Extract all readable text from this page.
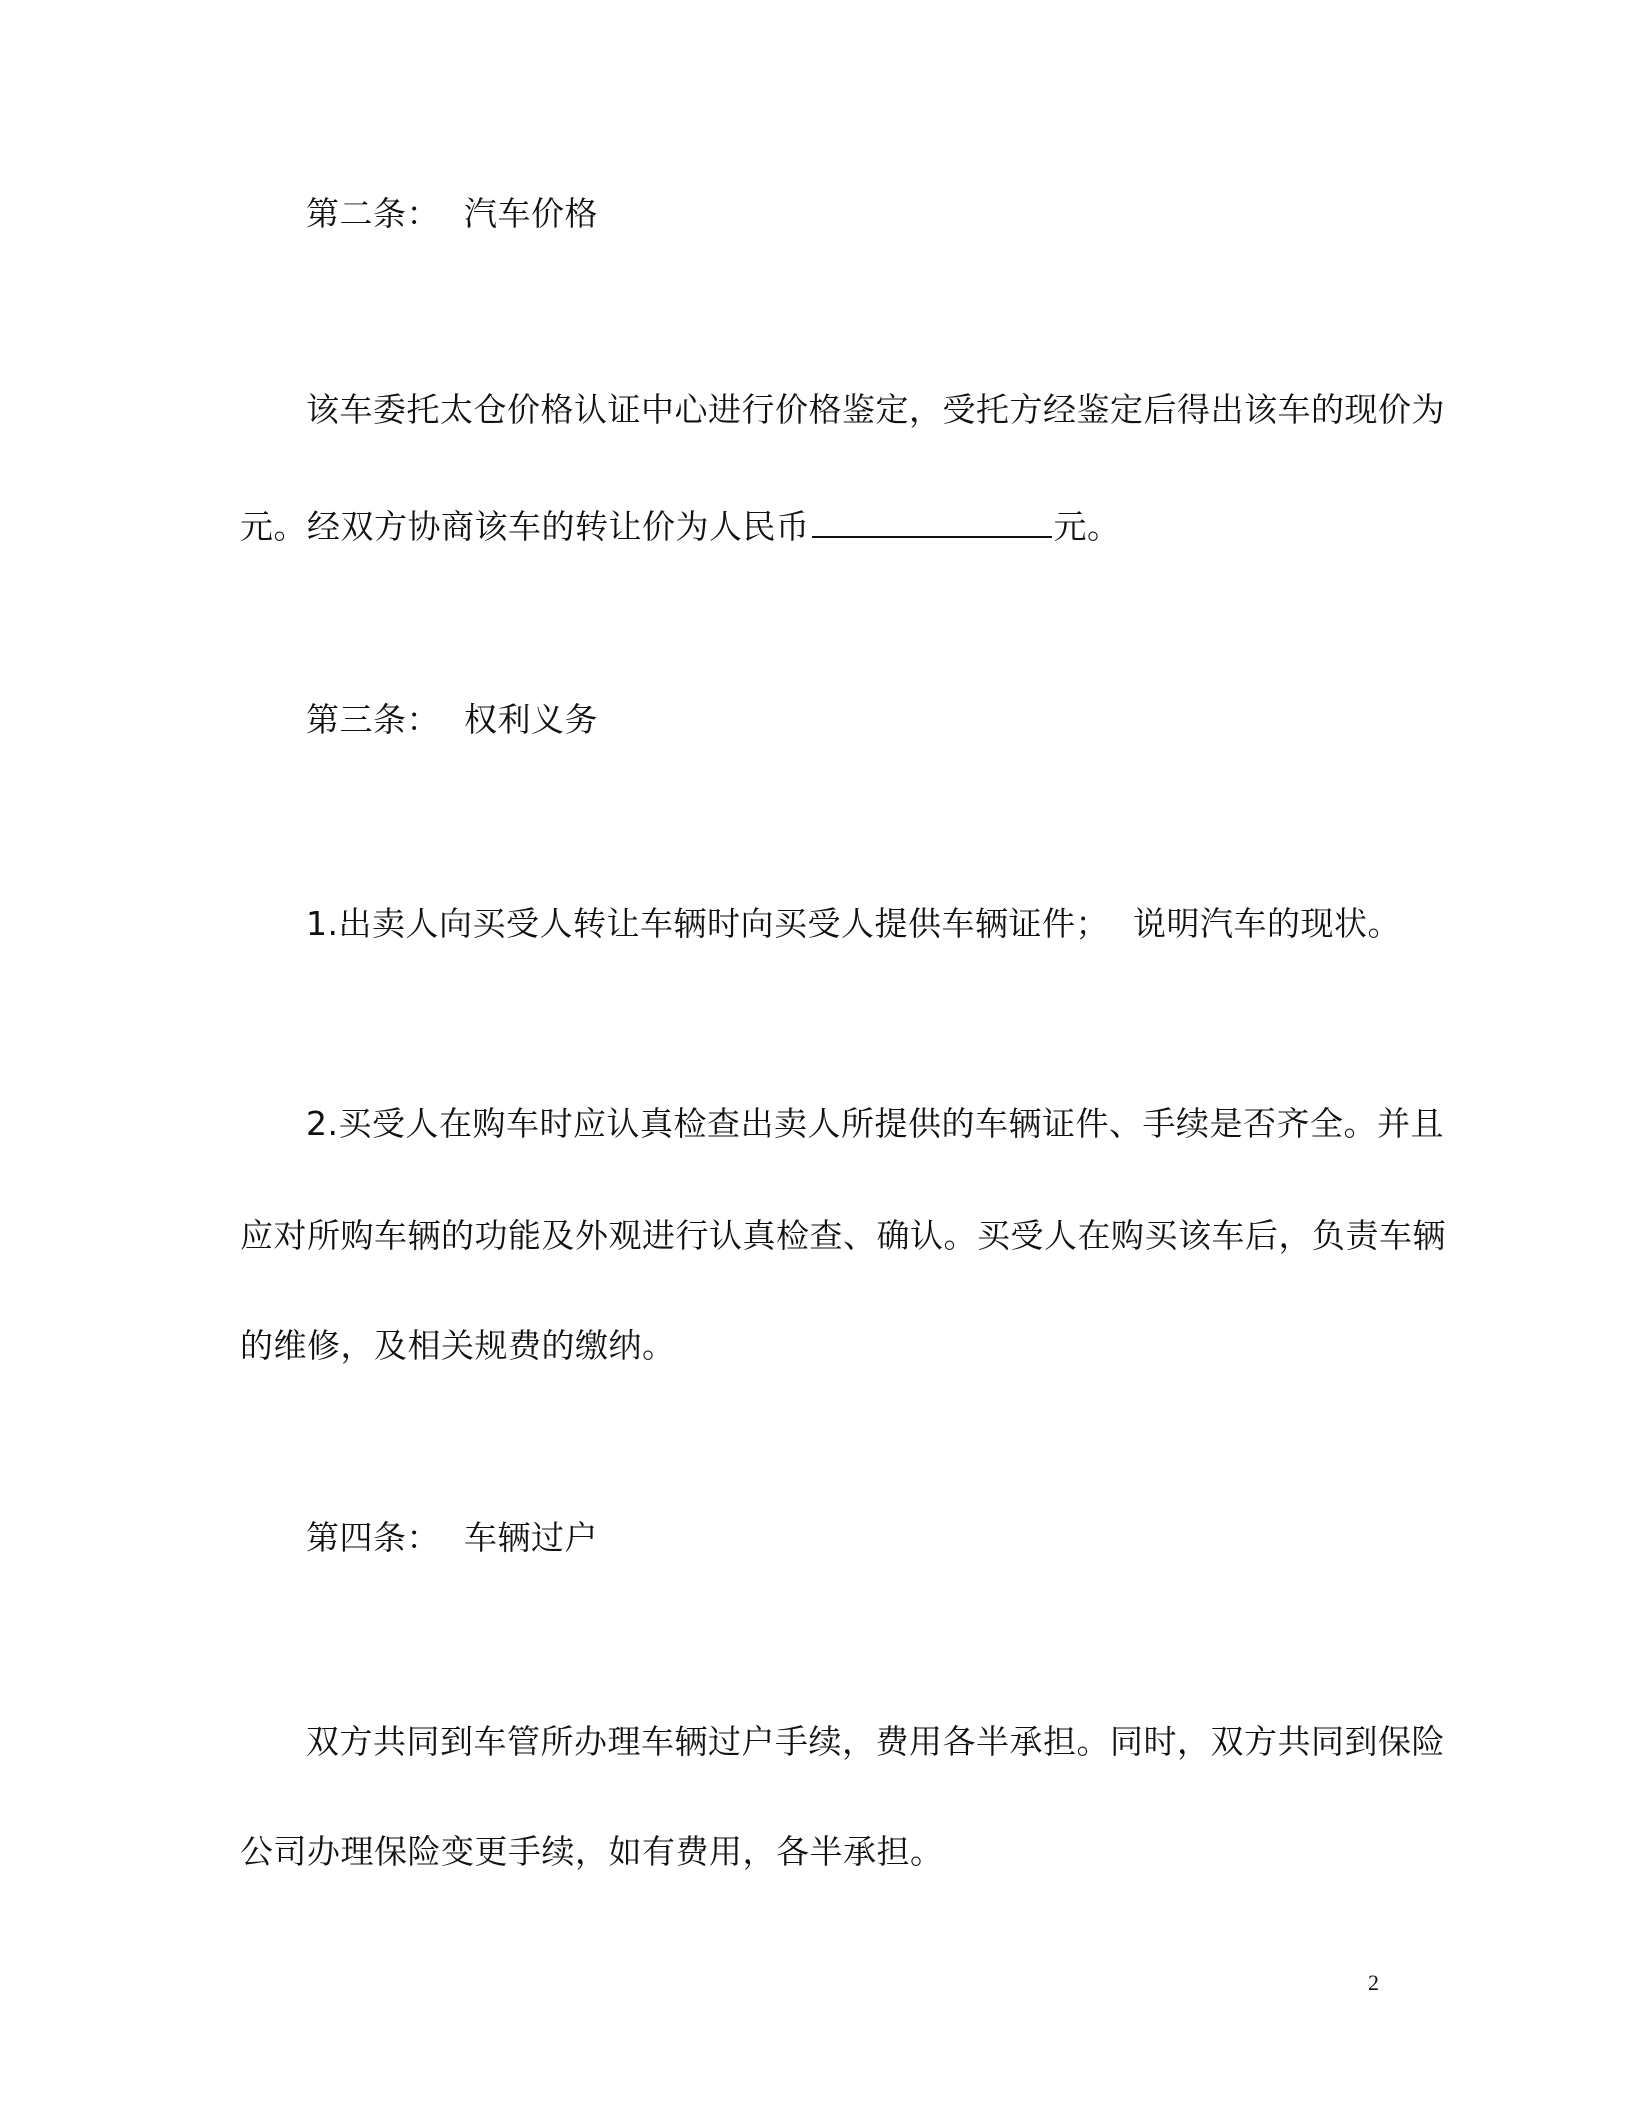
第二条： 汽车价格
该车委托太仓价格认证中心进行价格鉴定，受托方经鉴定后得出该车的现价为
元。经双方协商该车的转让价为人民币	元。
第三条： 权利义务
1.出卖人向买受人转让车辆时向买受人提供车辆证件； 说明汽车的现状。
2.买受人在购车时应认真检查出卖人所提供的车辆证件、手续是否齐全。并且
应对所购车辆的功能及外观进行认真检查、确认。买受人在购买该车后，负责车辆
的维修，及相关规费的缴纳。
第四条： 车辆过户
双方共同到车管所办理车辆过户手续，费用各半承担。同时，双方共同到保险
公司办理保险变更手续，如有费用，各半承担。
2
